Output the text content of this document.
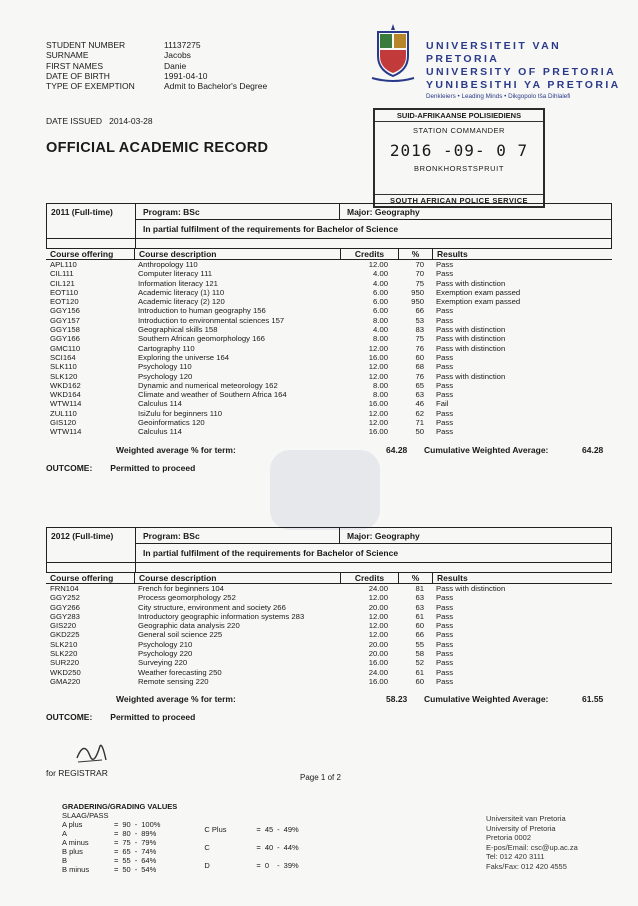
STUDENT NUMBER	11137275
SURNAME	Jacobs
FIRST NAMES	Danie
DATE OF BIRTH	1991-04-10
TYPE OF EXEMPTION	Admit to Bachelor's Degree
UNIVERSITEIT VAN PRETORIA
UNIVERSITY OF PRETORIA
YUNIBESITHI YA PRETORIA
Denkleiers • Leading Minds • Dikgopolo tša Dihlalefi
DATE ISSUED 2014-03-28
OFFICIAL ACADEMIC RECORD
SUID-AFRIKAANSE POLISIEDIENS
STATION COMMANDER
2016 -09- 0 7
BRONKHORSTSPRUIT
SOUTH AFRICAN POLICE SERVICE
2011 (Full-time)	Program: BSc	Major: Geography
In partial fulfilment of the requirements for Bachelor of Science
Course offering	Course description	Credits	%	Results
APL110	Anthropology 110	12.00	70	Pass
CIL111	Computer literacy 111	4.00	70	Pass
CIL121	Information literacy 121	4.00	75	Pass with distinction
EOT110	Academic literacy (1) 110	6.00	950	Exemption exam passed
EOT120	Academic literacy (2) 120	6.00	950	Exemption exam passed
GGY156	Introduction to human geography 156	6.00	66	Pass
GGY157	Introduction to environmental sciences 157	8.00	53	Pass
GGY158	Geographical skills 158	4.00	83	Pass with distinction
GGY166	Southern African geomorphology 166	8.00	75	Pass with distinction
GMC110	Cartography 110	12.00	76	Pass with distinction
SCI164	Exploring the universe 164	16.00	60	Pass
SLK110	Psychology 110	12.00	68	Pass
SLK120	Psychology 120	12.00	76	Pass with distinction
WKD162	Dynamic and numerical meteorology 162	8.00	65	Pass
WKD164	Climate and weather of Southern Africa 164	8.00	63	Pass
WTW114	Calculus 114	16.00	46	Fail
ZUL110	IsiZulu for beginners 110	12.00	62	Pass
GIS120	Geoinformatics 120	12.00	71	Pass
WTW114	Calculus 114	16.00	50	Pass
Weighted average % for term:	64.28 Cumulative Weighted Average:	64.28
OUTCOME: Permitted to proceed
2012 (Full-time)	Program: BSc	Major: Geography
In partial fulfilment of the requirements for Bachelor of Science
Course offering	Course description	Credits	%	Results
FRN104	French for beginners 104	24.00	81	Pass with distinction
GGY252	Process geomorphology 252	12.00	63	Pass
GGY266	City structure, environment and society 266	20.00	63	Pass
GGY283	Introductory geographic information systems 283	12.00	61	Pass
GIS220	Geographic data analysis 220	12.00	60	Pass
GKD225	General soil science 225	12.00	66	Pass
SLK210	Psychology 210	20.00	55	Pass
SLK220	Psychology 220	20.00	58	Pass
SUR220	Surveying 220	16.00	52	Pass
WKD250	Weather forecasting 250	24.00	61	Pass
GMA220	Remote sensing 220	16.00	60	Pass
Weighted average % for term:	58.23 Cumulative Weighted Average:	61.55
OUTCOME: Permitted to proceed
for REGISTRAR	Page 1 of 2
GRADERING/GRADING VALUES
SLAAG/PASS
A plus	=	90	-	100%
A	=	80	-	89%
A minus	=	75	-	79%
B plus	=	65	-	74%
B	=	55	-	64%
B minus	=	50	-	54%
C Plus	=	45	-	49%
C	=	40	-	44%
D	=	0	-	39%
Universiteit van Pretoria
University of Pretoria
Pretoria 0002
E-pos/Email: csc@up.ac.za
Tel: 012 420 3111
Faks/Fax: 012 420 4555
